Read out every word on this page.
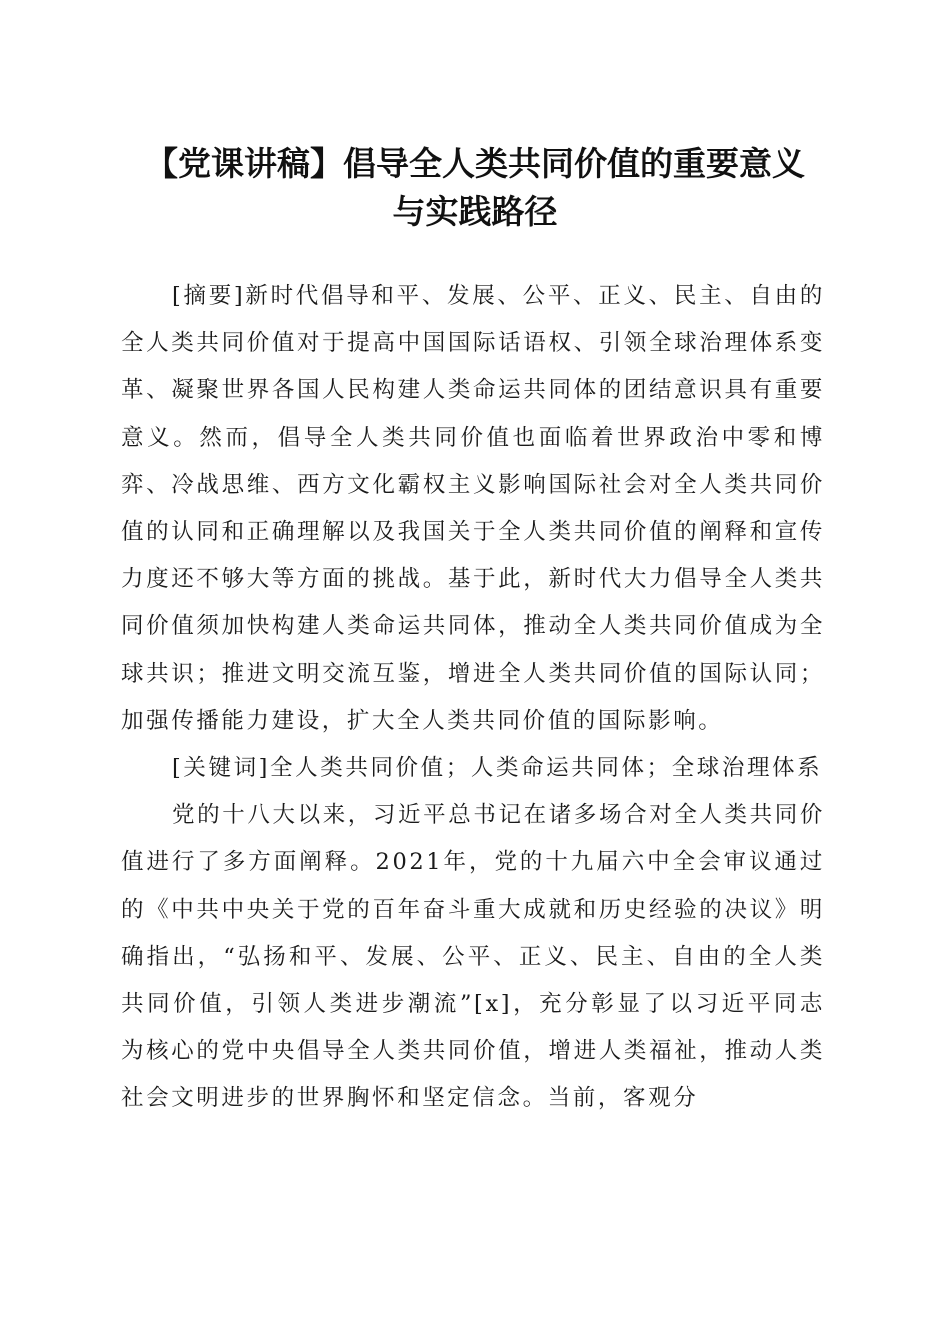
【党课讲稿】倡导全人类共同价值的重要意义
与实践路径

[摘要]新时代倡导和平、发展、公平、正义、民主、自由的全人类共同价值对于提高中国国际话语权、引领全球治理体系变革、凝聚世界各国人民构建人类命运共同体的团结意识具有重要意义。然而，倡导全人类共同价值也面临着世界政治中零和博弈、冷战思维、西方文化霸权主义影响国际社会对全人类共同价值的认同和正确理解以及我国关于全人类共同价值的阐释和宣传力度还不够大等方面的挑战。基于此，新时代大力倡导全人类共同价值须加快构建人类命运共同体，推动全人类共同价值成为全球共识；推进文明交流互鉴，增进全人类共同价值的国际认同；加强传播能力建设，扩大全人类共同价值的国际影响。

[关键词]全人类共同价值；人类命运共同体；全球治理体系

党的十八大以来，习近平总书记在诸多场合对全人类共同价值进行了多方面阐释。2021年，党的十九届六中全会审议通过的《中共中央关于党的百年奋斗重大成就和历史经验的决议》明确指出，“弘扬和平、发展、公平、正义、民主、自由的全人类共同价值，引领人类进步潮流”[x]，充分彰显了以习近平同志为核心的党中央倡导全人类共同价值，增进人类福祉，推动人类社会文明进步的世界胸怀和坚定信念。当前，客观分
